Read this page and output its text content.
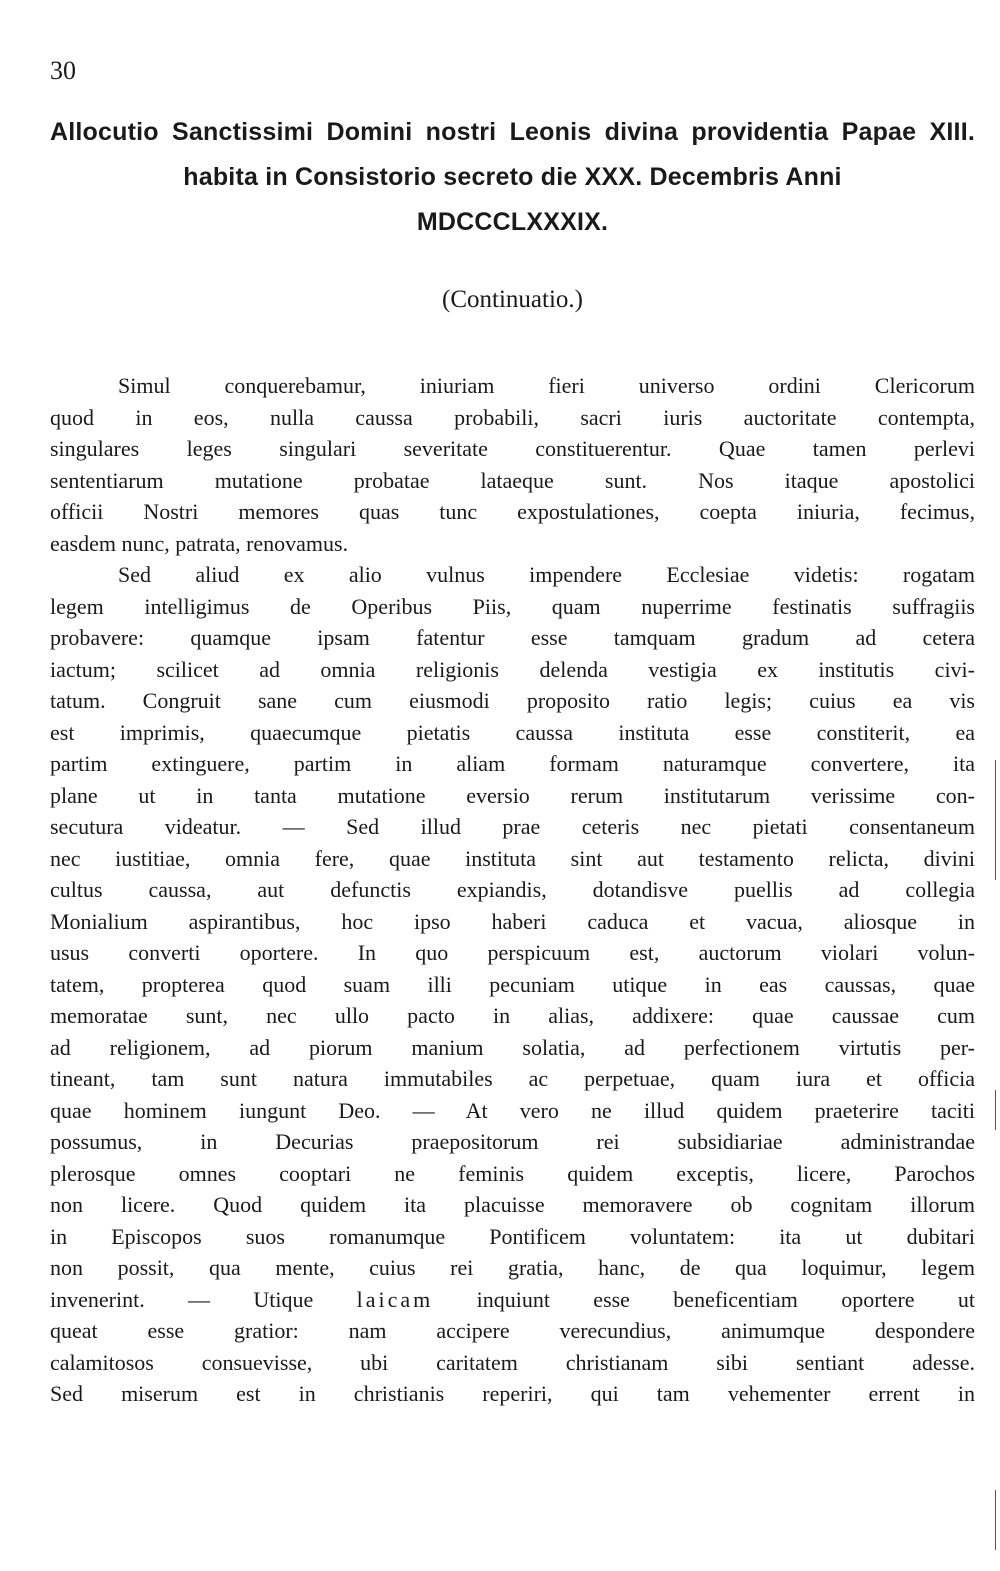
30
Allocutio Sanctissimi Domini nostri Leonis divina providentia Papae XIII.
habita in Consistorio secreto die XXX. Decembris Anni
MDCCCLXXXIX.
(Continuatio.)
Simul conquerebamur, iniuriam fieri universo ordini Clericorum
quod in eos, nulla caussa probabili, sacri iuris auctoritate contempta,
singulares leges singulari severitate constituerentur. Quae tamen perlevi
sententiarum mutatione probatae lataeque sunt. Nos itaque apostolici
officii Nostri memores quas tunc expostulationes, coepta iniuria, fecimus,
easdem nunc, patrata, renovamus.
Sed aliud ex alio vulnus impendere Ecclesiae videtis: rogatam
legem intelligimus de Operibus Piis, quam nuperrime festinatis suffragiis
probavere: quamque ipsam fatentur esse tamquam gradum ad cetera
iactum; scilicet ad omnia religionis delenda vestigia ex institutis civi-
tatum. Congruit sane cum eiusmodi proposito ratio legis; cuius ea vis
est imprimis, quaecumque pietatis caussa instituta esse constiterit, ea
partim extinguere, partim in aliam formam naturamque convertere, ita
plane ut in tanta mutatione eversio rerum institutarum verissime con-
secutura videatur. — Sed illud prae ceteris nec pietati consentaneum
nec iustitiae, omnia fere, quae instituta sint aut testamento relicta, divini
cultus caussa, aut defunctis expiandis, dotandisve puellis ad collegia
Monialium aspirantibus, hoc ipso haberi caduca et vacua, aliosque in
usus converti oportere. In quo perspicuum est, auctorum violari volun-
tatem, propterea quod suam illi pecuniam utique in eas caussas, quae
memoratae sunt, nec ullo pacto in alias, addixere: quae caussae cum
ad religionem, ad piorum manium solatia, ad perfectionem virtutis per-
tineant, tam sunt natura immutabiles ac perpetuae, quam iura et officia
quae hominem iungunt Deo. — At vero ne illud quidem praeterire taciti
possumus, in Decurias praepositorum rei subsidiariae administrandae
plerosque omnes cooptari ne feminis quidem exceptis, licere, Parochos
non licere. Quod quidem ita placuisse memoravere ob cognitam illorum
in Episcopos suos romanumque Pontificem voluntatem: ita ut dubitari
non possit, qua mente, cuius rei gratia, hanc, de qua loquimur, legem
invenerint. — Utique laicam inquiunt esse beneficentiam oportere ut
queat esse gratior: nam accipere verecundius, animumque despondere
calamitosos consuevisse, ubi caritatem christianam sibi sentiant adesse.
Sed miserum est in christianis reperiri, qui tam vehementer errent in
